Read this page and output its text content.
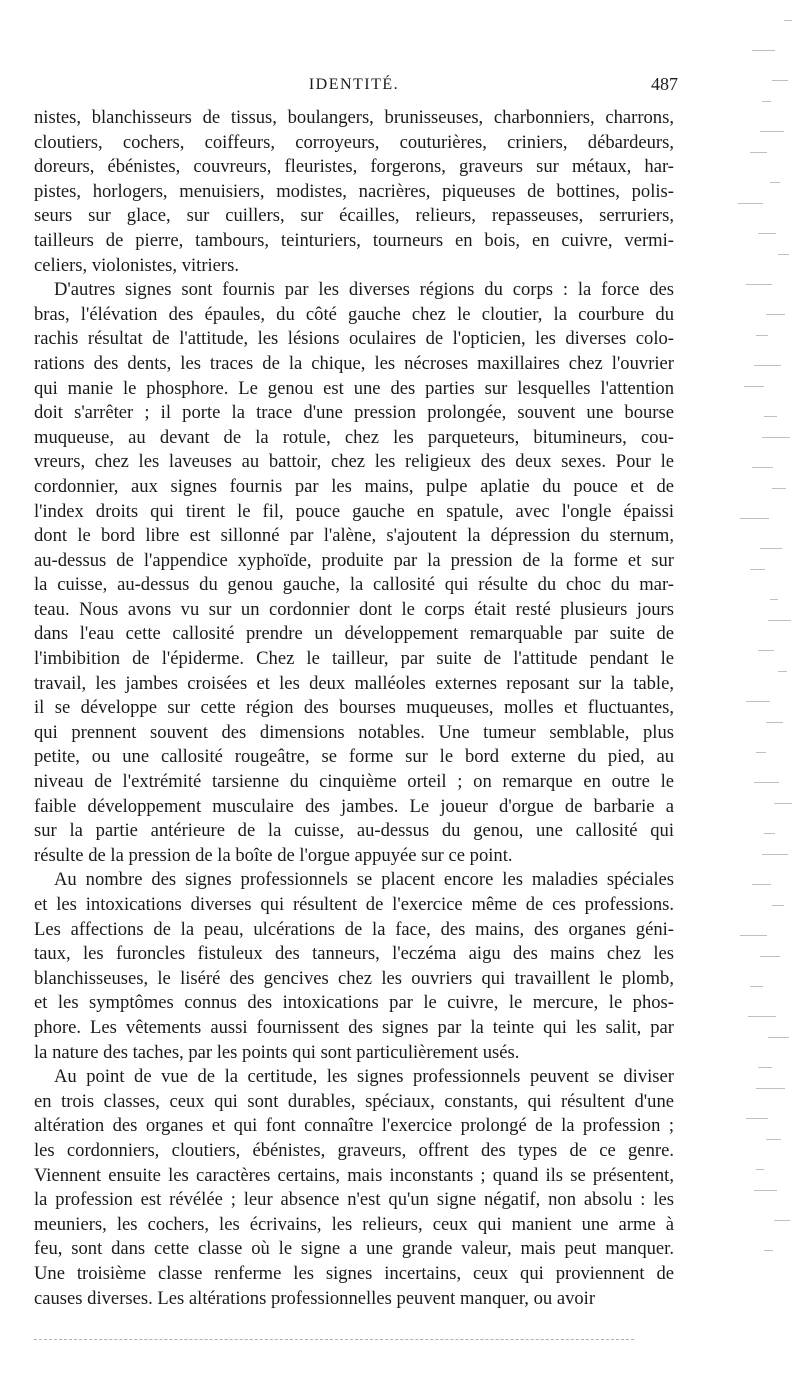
IDENTITÉ.	487
nistes, blanchisseurs de tissus, boulangers, brunisseuses, charbonniers, charrons,
cloutiers, cochers, coiffeurs, corroyeurs, couturières, criniers, débardeurs,
doreurs, ébénistes, couvreurs, fleuristes, forgerons, graveurs sur métaux, har-
pistes, horlogers, menuisiers, modistes, nacrières, piqueuses de bottines, polis-
seurs sur glace, sur cuillers, sur écailles, relieurs, repasseuses, serruriers,
tailleurs de pierre, tambours, teinturiers, tourneurs en bois, en cuivre, vermi-
celiers, violonistes, vitriers.
D'autres signes sont fournis par les diverses régions du corps : la force des
bras, l'élévation des épaules, du côté gauche chez le cloutier, la courbure du
rachis résultat de l'attitude, les lésions oculaires de l'opticien, les diverses colo-
rations des dents, les traces de la chique, les nécroses maxillaires chez l'ouvrier
qui manie le phosphore. Le genou est une des parties sur lesquelles l'attention
doit s'arrêter ; il porte la trace d'une pression prolongée, souvent une bourse
muqueuse, au devant de la rotule, chez les parqueteurs, bitumineurs, cou-
vreurs, chez les laveuses au battoir, chez les religieux des deux sexes. Pour le
cordonnier, aux signes fournis par les mains, pulpe aplatie du pouce et de
l'index droits qui tirent le fil, pouce gauche en spatule, avec l'ongle épaissi
dont le bord libre est sillonné par l'alène, s'ajoutent la dépression du sternum,
au-dessus de l'appendice xyphoïde, produite par la pression de la forme et sur
la cuisse, au-dessus du genou gauche, la callosité qui résulte du choc du mar-
teau. Nous avons vu sur un cordonnier dont le corps était resté plusieurs jours
dans l'eau cette callosité prendre un développement remarquable par suite de
l'imbibition de l'épiderme. Chez le tailleur, par suite de l'attitude pendant le
travail, les jambes croisées et les deux malléoles externes reposant sur la table,
il se développe sur cette région des bourses muqueuses, molles et fluctuantes,
qui prennent souvent des dimensions notables. Une tumeur semblable, plus
petite, ou une callosité rougeâtre, se forme sur le bord externe du pied, au
niveau de l'extrémité tarsienne du cinquième orteil ; on remarque en outre le
faible développement musculaire des jambes. Le joueur d'orgue de barbarie a
sur la partie antérieure de la cuisse, au-dessus du genou, une callosité qui
résulte de la pression de la boîte de l'orgue appuyée sur ce point.
Au nombre des signes professionnels se placent encore les maladies spéciales
et les intoxications diverses qui résultent de l'exercice même de ces professions.
Les affections de la peau, ulcérations de la face, des mains, des organes géni-
taux, les furoncles fistuleux des tanneurs, l'eczéma aigu des mains chez les
blanchisseuses, le liséré des gencives chez les ouvriers qui travaillent le plomb,
et les symptômes connus des intoxications par le cuivre, le mercure, le phos-
phore. Les vêtements aussi fournissent des signes par la teinte qui les salit, par
la nature des taches, par les points qui sont particulièrement usés.
Au point de vue de la certitude, les signes professionnels peuvent se diviser
en trois classes, ceux qui sont durables, spéciaux, constants, qui résultent d'une
altération des organes et qui font connaître l'exercice prolongé de la profession ;
les cordonniers, cloutiers, ébénistes, graveurs, offrent des types de ce genre.
Viennent ensuite les caractères certains, mais inconstants ; quand ils se présentent,
la profession est révélée ; leur absence n'est qu'un signe négatif, non absolu : les
meuniers, les cochers, les écrivains, les relieurs, ceux qui manient une arme à
feu, sont dans cette classe où le signe a une grande valeur, mais peut manquer.
Une troisième classe renferme les signes incertains, ceux qui proviennent de
causes diverses. Les altérations professionnelles peuvent manquer, ou avoir
